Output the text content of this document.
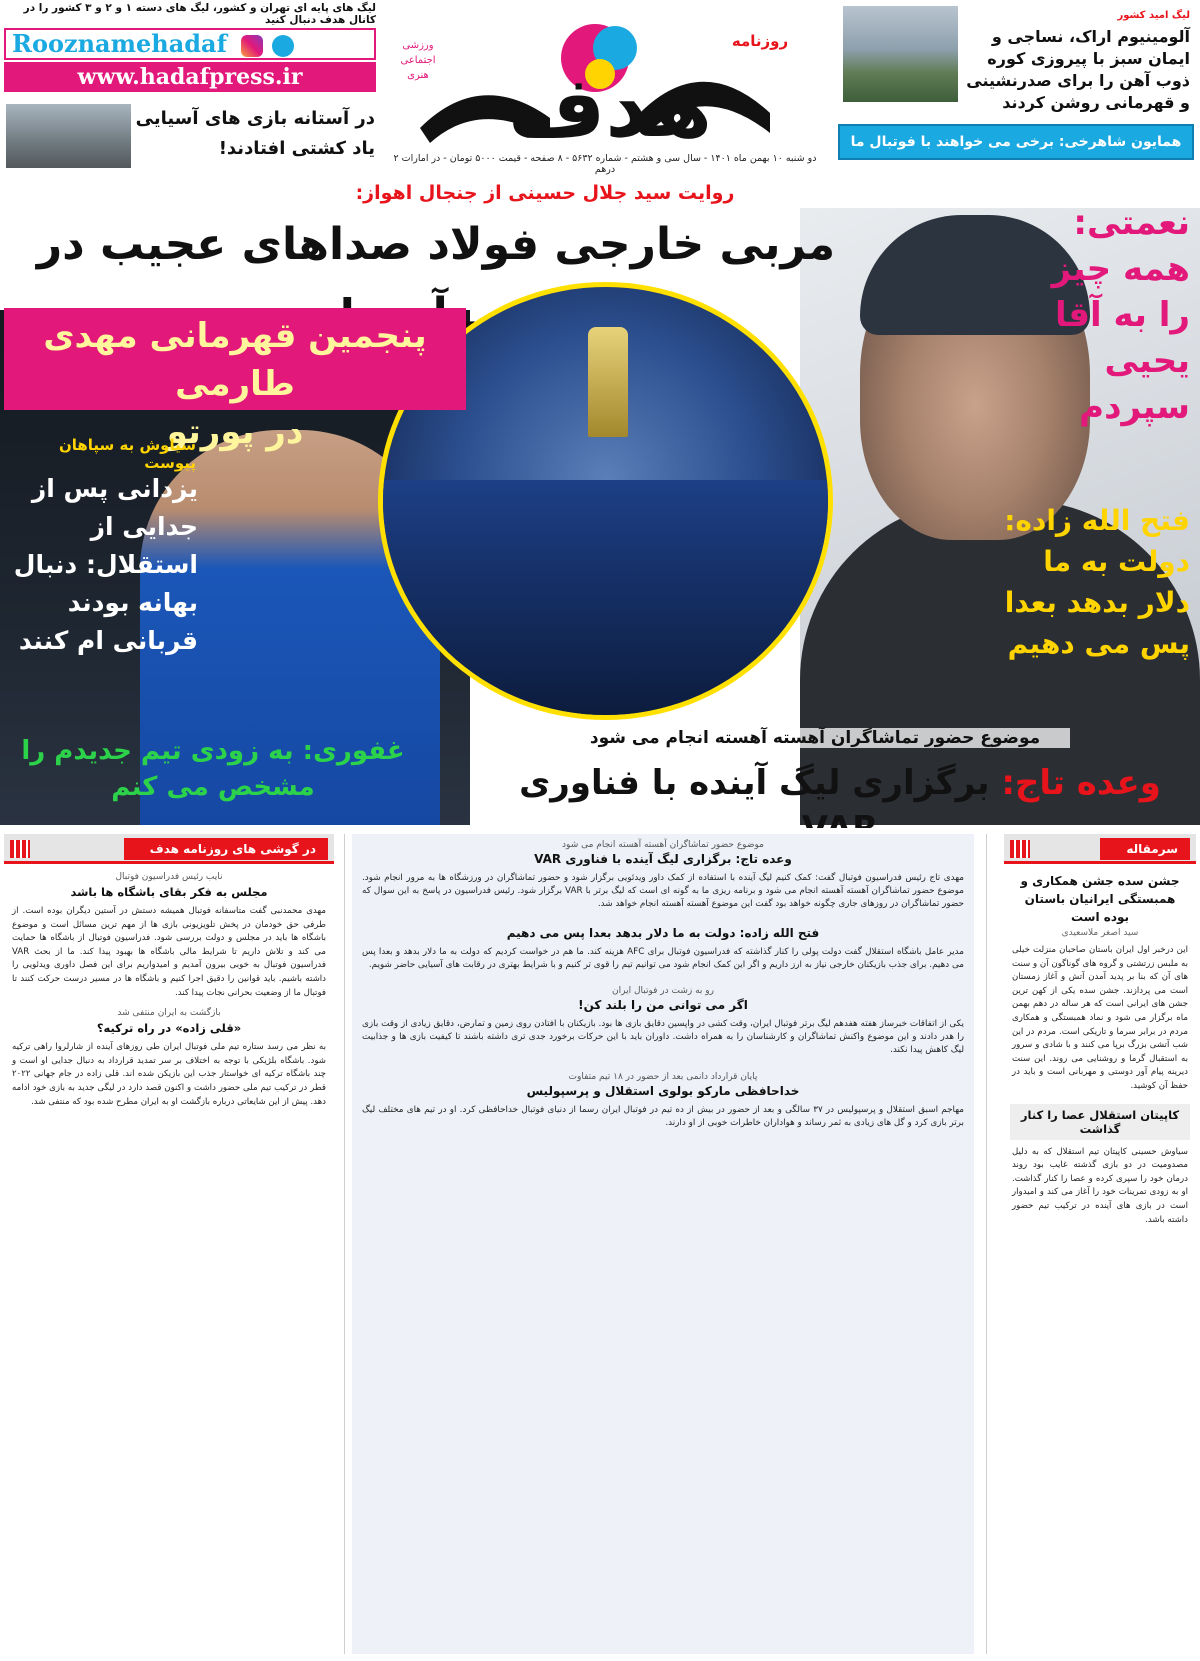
لیگ های پایه ای تهران و کشور، لیگ های دسته ۱ و ۲ و ۳ کشور را در کانال هدف دنبال کنید
Rooznamehadaf
www.hadafpress.ir
در آستانه بازی های آسیایی یاد کشتی افتادند! هدف
روزنامه
ورزشی
اجتماعی
هنری
دو شنبه ۱۰ بهمن ماه ۱۴۰۱ - سال سی و هشتم - شماره ۵۶۳۲ - ۸ صفحه - قیمت ۵۰۰۰ تومان - در امارات ۲ درهم
لیگ امید کشور
آلومینیوم اراک، نساجی و ایمان سبز با پیروزی کوره ذوب آهن را برای صدرنشینی و قهرمانی روشن کردند
همایون شاهرخی: برخی می خواهند با فوتبال ما بازی کنند
روایت سید جلال حسینی از جنجال اهواز:
مربی خارجی فولاد صداهای عجیب در
پنجمین قهرمانی مهدی طارمی
در پورتو
سیاوش به سپاهان پیوست
یزدانی پس از جدایی از استقلال: دنبال بهانه بودند قربانی ام کنند
غفوری: به زودی تیم جدیدم را مشخص می کنم
نعمتی:
همه چیز را به آقا یحیی سپردم
فتح الله زاده: دولت به ما دلار بدهد بعدا پس می دهیم
موضوع حضور تماشاگران آهسته آهسته انجام می شود
وعده تاج: برگزاری لیگ آینده با فناوری
در گوشی های روزنامه هدف
نایب رئیس فدراسیون فوتبال
مجلس به فکر بقای باشگاه ها باشد
مهدی محمدنبی گفت متاسفانه فوتبال همیشه دستش در آستین دیگران بوده است. از طرفی حق خودمان در پخش تلویزیونی بازی ها از مهم ترین مسائل است و موضوع باشگاه ها باید در مجلس و دولت بررسی شود. فدراسیون فوتبال از باشگاه ها حمایت می کند و تلاش داریم تا شرایط مالی باشگاه ها بهبود پیدا کند. ما از بحث VAR فدراسیون فوتبال به خوبی بیرون آمدیم و امیدواریم برای این فصل داوری ویدئویی را داشته باشیم. باید قوانین را دقیق اجرا کنیم و باشگاه ها در مسیر درست حرکت کنند تا فوتبال ما از وضعیت بحرانی نجات پیدا کند.
بازگشت به ایران منتفی شد
«قلی زاده» در راه ترکیه؟
به نظر می رسد ستاره تیم ملی فوتبال ایران طی روزهای آینده از شارلروا راهی ترکیه شود. باشگاه بلژیکی با توجه به اختلاف بر سر تمدید قرارداد به دنبال جدایی او است و چند باشگاه ترکیه ای خواستار جذب این بازیکن شده اند. قلی زاده در جام جهانی ۲۰۲۲ قطر در ترکیب تیم ملی حضور داشت و اکنون قصد دارد در لیگی جدید به بازی خود ادامه دهد. پیش از این شایعاتی درباره بازگشت او به ایران مطرح شده بود که منتفی شد.
موضوع حضور تماشاگران آهسته آهسته انجام می شود
وعده تاج: برگزاری لیگ آینده با فناوری VAR
مهدی تاج رئیس فدراسیون فوتبال گفت: کمک کنیم لیگ آینده با استفاده از کمک داور ویدئویی برگزار شود و حضور تماشاگران در ورزشگاه ها به مرور انجام شود. موضوع حضور تماشاگران آهسته آهسته انجام می شود و برنامه ریزی ما به گونه ای است که لیگ برتر با VAR برگزار شود. رئیس فدراسیون در پاسخ به این سوال که حضور تماشاگران در روزهای جاری چگونه خواهد بود گفت این موضوع آهسته آهسته انجام خواهد شد.
فتح الله زاده: دولت به ما دلار بدهد بعدا پس می دهیم
مدیر عامل باشگاه استقلال گفت دولت پولی را کنار گذاشته که فدراسیون فوتبال برای AFC هزینه کند. ما هم در خواست کردیم که دولت به ما دلار بدهد و بعدا پس می دهیم. برای جذب بازیکنان خارجی نیاز به ارز داریم و اگر این کمک انجام شود می توانیم تیم را قوی تر کنیم و با شرایط بهتری در رقابت های آسیایی حاضر شویم.
رو به زشت در فوتبال ایران
اگر می توانی من را بلند کن!
یکی از اتفاقات خبرساز هفته هفدهم لیگ برتر فوتبال ایران، وقت کشی در واپسین دقایق بازی ها بود. بازیکنان با افتادن روی زمین و تمارض، دقایق زیادی از وقت بازی را هدر دادند و این موضوع واکنش تماشاگران و کارشناسان را به همراه داشت. داوران باید با این حرکات برخورد جدی تری داشته باشند تا کیفیت بازی ها و جذابیت لیگ کاهش پیدا نکند.
پایان قرارداد دانمی بعد از حضور در ۱۸ تیم متفاوت
خداحافظی مارکو بولوی استقلال و پرسپولیس
مهاجم اسبق استقلال و پرسپولیس در ۳۷ سالگی و بعد از حضور در بیش از ده تیم در فوتبال ایران رسما از دنیای فوتبال خداحافظی کرد. او در تیم های مختلف لیگ برتر بازی کرد و گل های زیادی به ثمر رساند و هواداران خاطرات خوبی از او دارند.
سرمقاله
جشن سده جشن همکاری و همبستگی ایرانیان باستان بوده است
سید اصغر ملاسعیدی
این درخبر اول ایران باستان صاحبان منزلت خیلی به ملبس زرتشتی و گروه های گوناگون آن و سنت های آن که بنا بر پدید آمدن آتش و آغاز زمستان است می پردازند. جشن سده یکی از کهن ترین جشن های ایرانی است که هر ساله در دهم بهمن ماه برگزار می شود و نماد همبستگی و همکاری مردم در برابر سرما و تاریکی است. مردم در این شب آتشی بزرگ برپا می کنند و با شادی و سرور به استقبال گرما و روشنایی می روند. این سنت دیرینه پیام آور دوستی و مهربانی است و باید در حفظ آن کوشید.
کاپیتان استقلال عصا را کنار گذاشت
سیاوش حسینی کاپیتان تیم استقلال که به دلیل مصدومیت در دو بازی گذشته غایب بود روند درمان خود را سپری کرده و عصا را کنار گذاشت. او به زودی تمرینات خود را آغاز می کند و امیدوار است در بازی های آینده در ترکیب تیم حضور داشته باشد.
